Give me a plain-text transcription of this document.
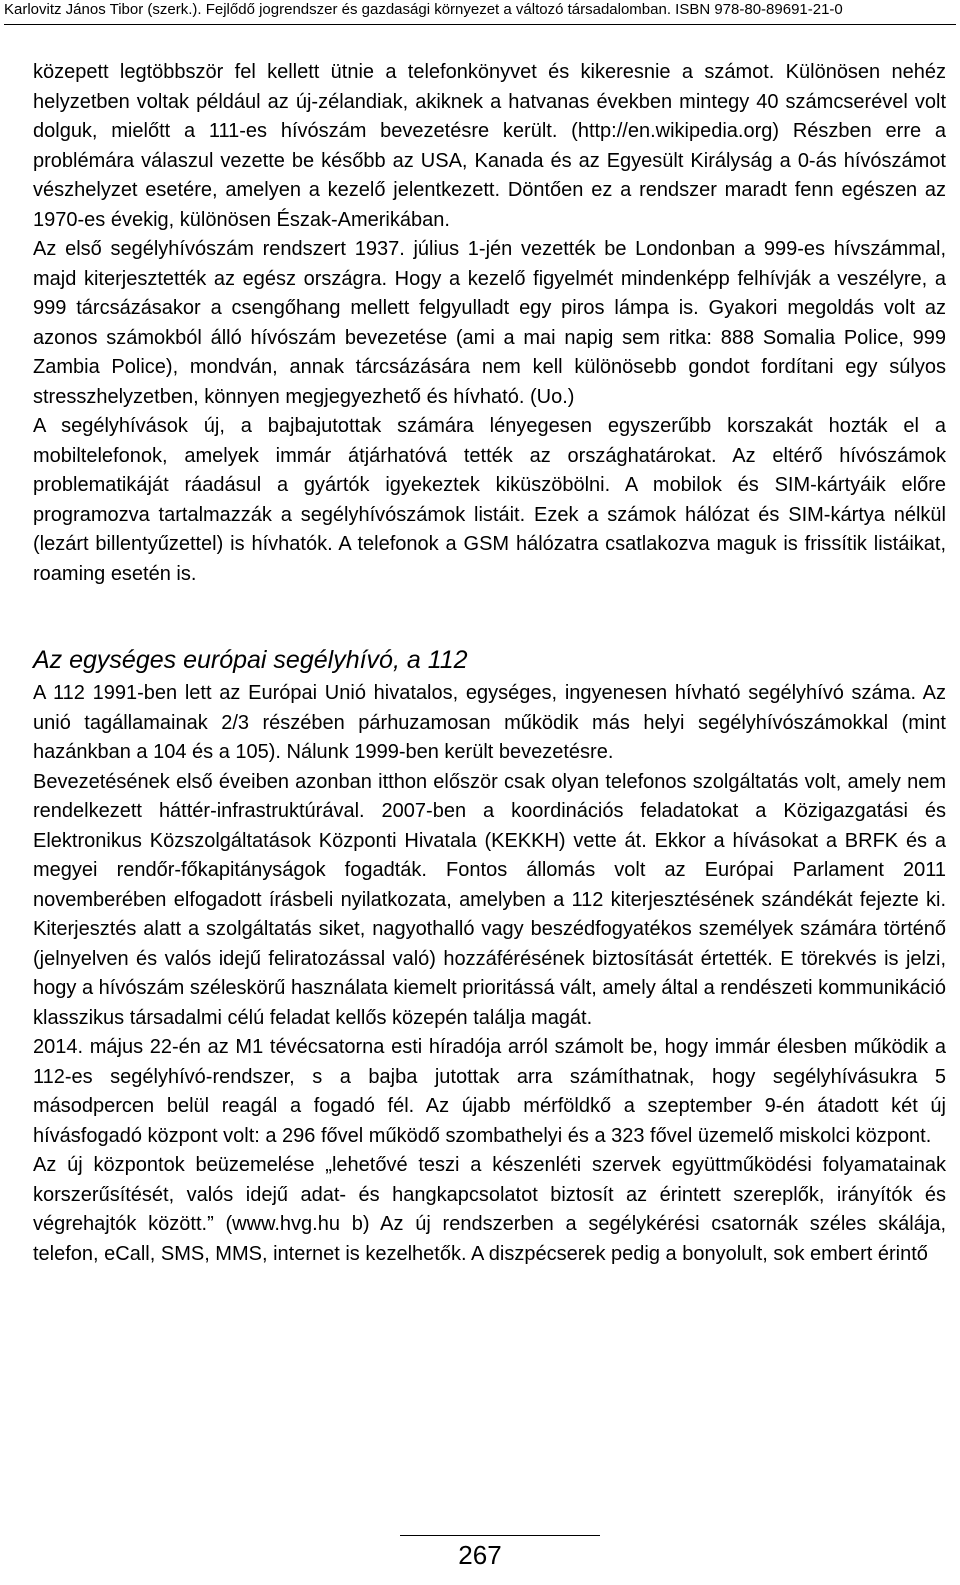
Karlovitz János Tibor (szerk.). Fejlődő jogrendszer és gazdasági környezet a változó társadalomban. ISBN 978-80-89691-21-0

közepett legtöbbször fel kellett ütnie a telefonkönyvet és kikeresnie a számot. Különösen nehéz helyzetben voltak például az új-zélandiak, akiknek a hatvanas években mintegy 40 számcserével volt dolguk, mielőtt a 111-es hívószám bevezetésre került. (http://en.wikipedia.org) Részben erre a problémára válaszul vezette be később az USA, Kanada és az Egyesült Királyság a 0-ás hívószámot vészhelyzet esetére, amelyen a kezelő jelentkezett. Döntően ez a rendszer maradt fenn egészen az 1970-es évekig, különösen Észak-Amerikában.

Az első segélyhívószám rendszert 1937. július 1-jén vezették be Londonban a 999-es hívszámmal, majd kiterjesztették az egész országra. Hogy a kezelő figyelmét mindenképp felhívják a veszélyre, a 999 tárcsázásakor a csengőhang mellett felgyulladt egy piros lámpa is. Gyakori megoldás volt az azonos számokból álló hívószám bevezetése (ami a mai napig sem ritka: 888 Somalia Police, 999 Zambia Police), mondván, annak tárcsázására nem kell különösebb gondot fordítani egy súlyos stresszhelyzetben, könnyen megjegyezhető és hívható. (Uo.)

A segélyhívások új, a bajbajutottak számára lényegesen egyszerűbb korszakát hozták el a mobiltelefonok, amelyek immár átjárhatóvá tették az országhatárokat. Az eltérő hívószámok problematikáját ráadásul a gyártók igyekeztek kiküszöbölni. A mobilok és SIM-kártyáik előre programozva tartalmazzák a segélyhívószámok listáit. Ezek a számok hálózat és SIM-kártya nélkül (lezárt billentyűzettel) is hívhatók. A telefonok a GSM hálózatra csatlakozva maguk is frissítik listáikat, roaming esetén is.

Az egységes európai segélyhívó, a 112

A 112 1991-ben lett az Európai Unió hivatalos, egységes, ingyenesen hívható segélyhívó száma. Az unió tagállamainak 2/3 részében párhuzamosan működik más helyi segélyhívószámokkal (mint hazánkban a 104 és a 105). Nálunk 1999-ben került bevezetésre.

Bevezetésének első éveiben azonban itthon először csak olyan telefonos szolgáltatás volt, amely nem rendelkezett háttér-infrastruktúrával. 2007-ben a koordinációs feladatokat a Közigazgatási és Elektronikus Közszolgáltatások Központi Hivatala (KEKKH) vette át. Ekkor a hívásokat a BRFK és a megyei rendőr-főkapitányságok fogadták. Fontos állomás volt az Európai Parlament 2011 novemberében elfogadott írásbeli nyilatkozata, amelyben a 112 kiterjesztésének szándékát fejezte ki. Kiterjesztés alatt a szolgáltatás siket, nagyothalló vagy beszédfogyatékos személyek számára történő (jelnyelven és valós idejű feliratozással való) hozzáférésének biztosítását értették. E törekvés is jelzi, hogy a hívószám széleskörű használata kiemelt prioritássá vált, amely által a rendészeti kommunikáció klasszikus társadalmi célú feladat kellős közepén találja magát.

2014. május 22-én az M1 tévécsatorna esti híradója arról számolt be, hogy immár élesben működik a 112-es segélyhívó-rendszer, s a bajba jutottak arra számíthatnak, hogy segélyhívásukra 5 másodpercen belül reagál a fogadó fél. Az újabb mérföldkő a szeptember 9-én átadott két új hívásfogadó központ volt: a 296 fővel működő szombathelyi és a 323 fővel üzemelő miskolci központ.

Az új központok beüzemelése „lehetővé teszi a készenléti szervek együttműködési folyamatainak korszerűsítését, valós idejű adat- és hangkapcsolatot biztosít az érintett szereplők, irányítók és végrehajtók között.” (www.hvg.hu b) Az új rendszerben a segélykérési csatornák széles skálája, telefon, eCall, SMS, MMS, internet is kezelhetők. A diszpécserek pedig a bonyolult, sok embert érintő

267
